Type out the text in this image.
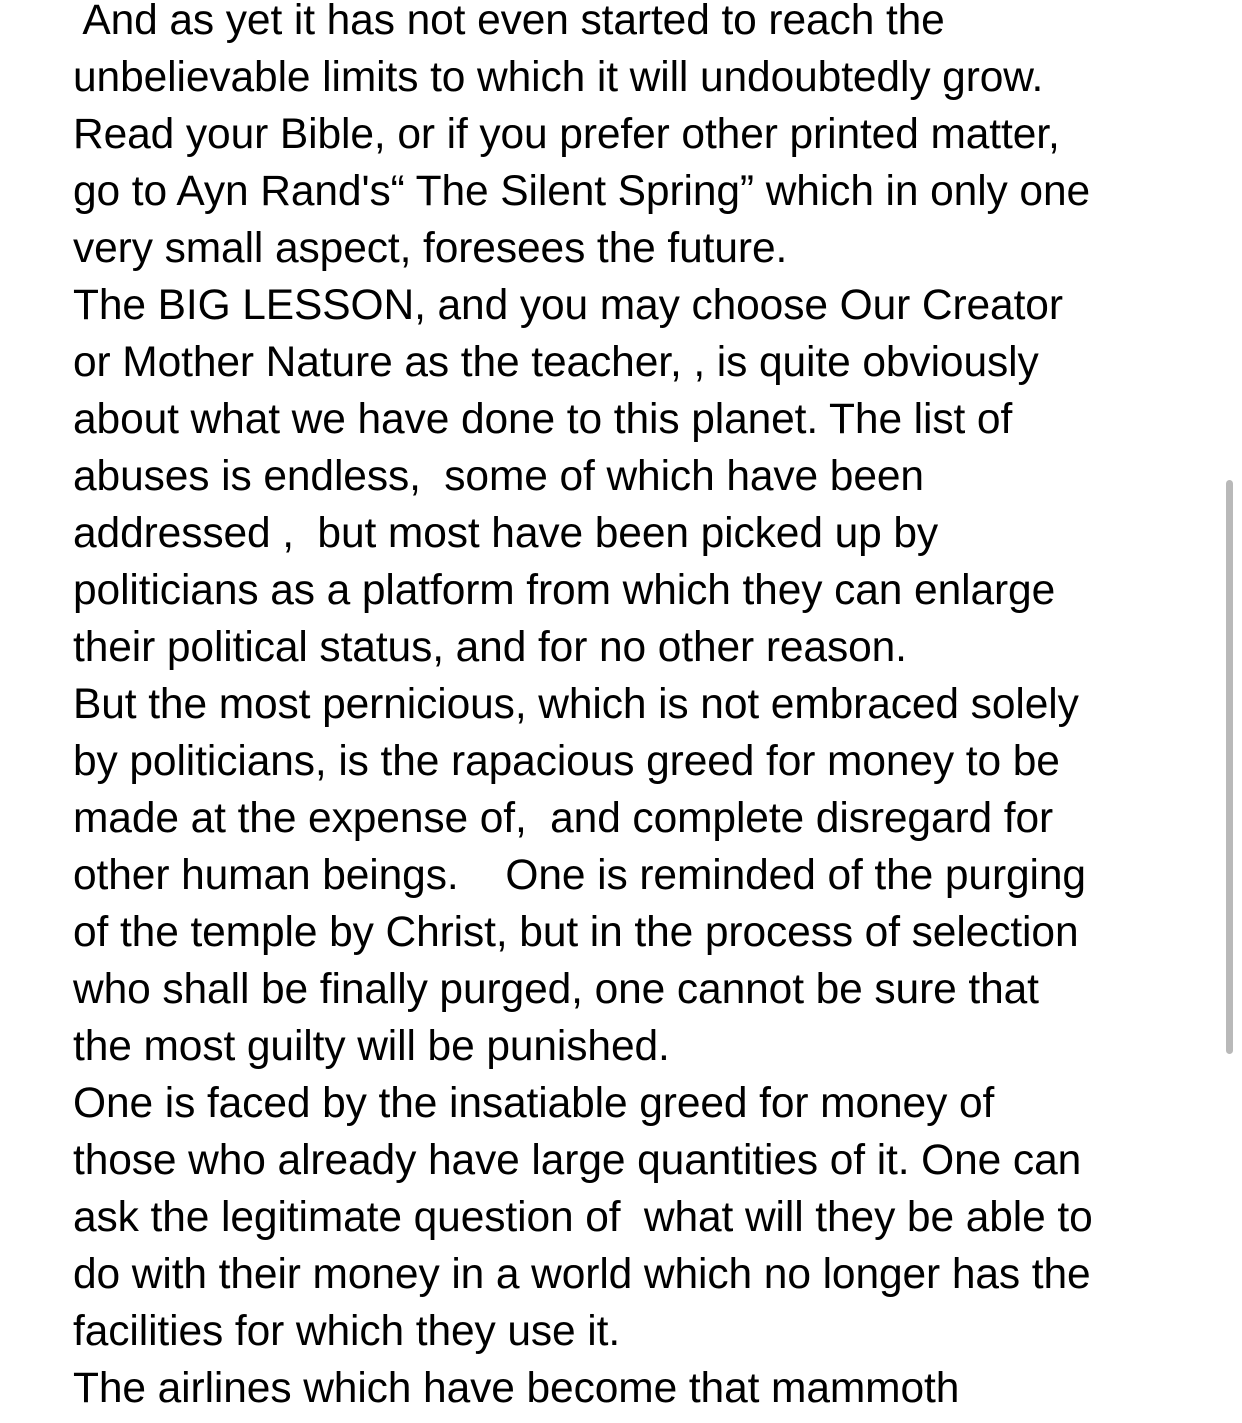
And as yet it has not even started to reach the
unbelievable limits to which it will undoubtedly grow.
Read your Bible, or if you prefer other printed matter,
go to Ayn Rand's“ The Silent Spring” which in only one
very small aspect, foresees the future.
The BIG LESSON, and you may choose Our Creator
or Mother Nature as the teacher, , is quite obviously
about what we have done to this planet. The list of
abuses is endless,  some of which have been
addressed ,  but most have been picked up by
politicians as a platform from which they can enlarge
their political status, and for no other reason.
But the most pernicious, which is not embraced solely
by politicians, is the rapacious greed for money to be
made at the expense of,  and complete disregard for
other human beings.    One is reminded of the purging
of the temple by Christ, but in the process of selection
who shall be finally purged, one cannot be sure that
the most guilty will be punished.
One is faced by the insatiable greed for money of
those who already have large quantities of it. One can
ask the legitimate question of  what will they be able to
do with their money in a world which no longer has the
facilities for which they use it.
The airlines which have become that mammoth
